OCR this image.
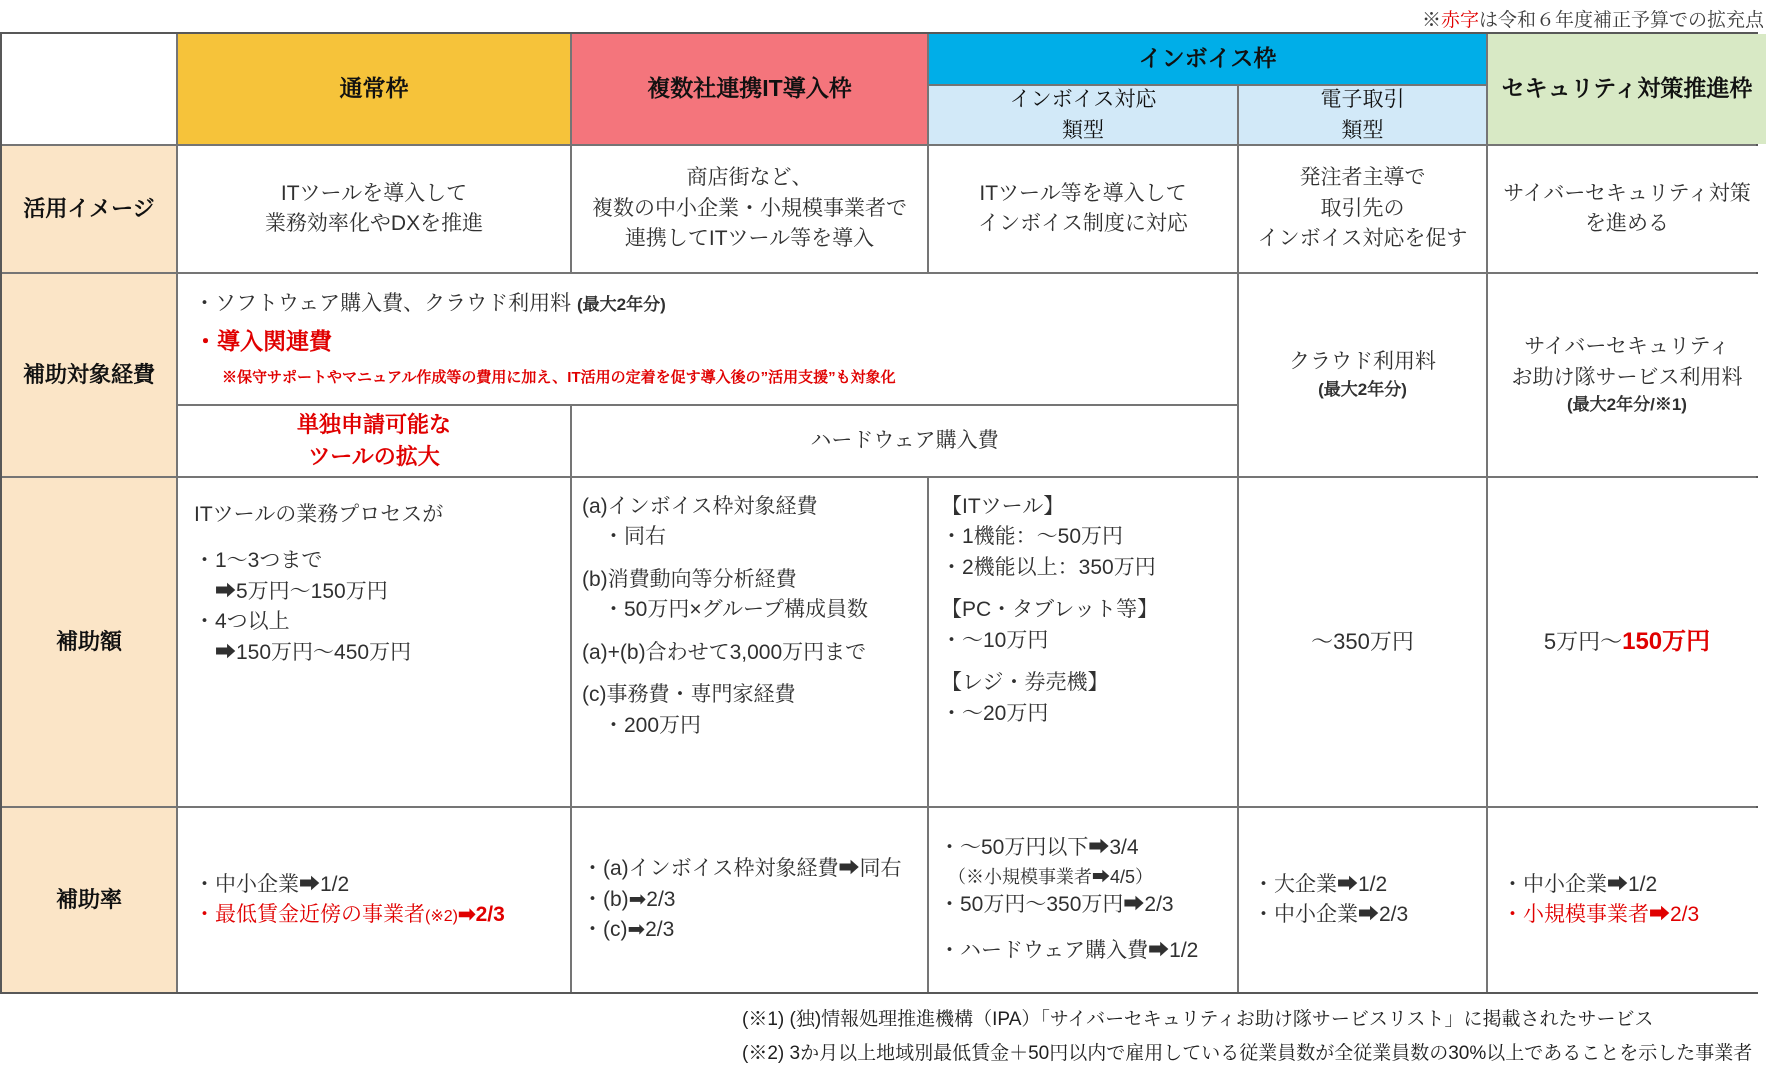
※赤字は令和６年度補正予算での拡充点
通常枠	複数社連携IT導入枠
インボイス枠
インボイス対応
類型
電子取引
類型
セキュリティ対策推進枠
活用イメージ
ITツールを導入して
業務効率化やDXを推進
商店街など、
複数の中小企業・小規模事業者で
連携してITツール等を導入
ITツール等を導入して
インボイス制度に対応
発注者主導で
取引先の
インボイス対応を促す
サイバーセキュリティ対策
を進める
補助対象経費
・ソフトウェア購入費、クラウド利用料 (最大2年分)
・導入関連費
※保守サポートやマニュアル作成等の費用に加え、IT活用の定着を促す導入後の”活用支援”も対象化
単独申請可能な
ツールの拡大
ハードウェア購入費
クラウド利用料
(最大2年分)
サイバーセキュリティ
お助け隊サービス利用料
(最大2年分/※1)
補助額
ITツールの業務プロセスが
・1～3つまで
　➡5万円～150万円
・4つ以上
　➡150万円～450万円
(a)インボイス枠対象経費
　・同右
(b)消費動向等分析経費
　・50万円×グループ構成員数
(a)+(b)合わせて3,000万円まで
(c)事務費・専門家経費
　・200万円
【ITツール】
・1機能：～50万円
・2機能以上：350万円
【PC・タブレット等】
・～10万円
【レジ・券売機】
・～20万円
～350万円	5万円～150万円
補助率
・中小企業➡1/2
・最低賃金近傍の事業者(※2)➡2/3
・(a)インボイス枠対象経費➡同右
・(b)➡2/3
・(c)➡2/3
・～50万円以下➡3/4
　（※小規模事業者➡4/5）
・50万円～350万円➡2/3
・ハードウェア購入費➡1/2
・大企業➡1/2
・中小企業➡2/3
・中小企業➡1/2
・小規模事業者➡2/3
(※1) (独)情報処理推進機構（IPA）「サイバーセキュリティお助け隊サービスリスト」に掲載されたサービス
(※2) 3か月以上地域別最低賃金＋50円以内で雇用している従業員数が全従業員数の30%以上であることを示した事業者
